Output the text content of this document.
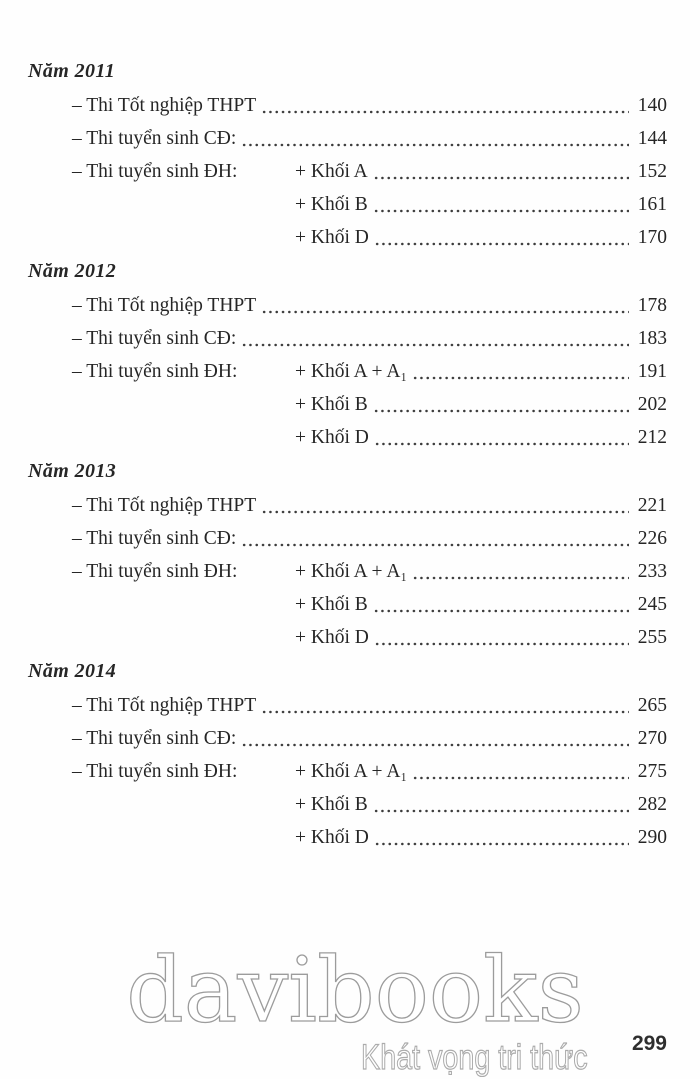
Năm 2011
– Thi Tốt nghiệp THPT	140
– Thi tuyển sinh CĐ:	144
– Thi tuyển sinh ĐH:	+ Khối A	152
+ Khối B	161
+ Khối D	170
Năm 2012
– Thi Tốt nghiệp THPT	178
– Thi tuyển sinh CĐ:	183
– Thi tuyển sinh ĐH:	+ Khối A + A₁	191
+ Khối B	202
+ Khối D	212
Năm 2013
– Thi Tốt nghiệp THPT	221
– Thi tuyển sinh CĐ:	226
– Thi tuyển sinh ĐH:	+ Khối A + A₁	233
+ Khối B	245
+ Khối D	255
Năm 2014
– Thi Tốt nghiệp THPT	265
– Thi tuyển sinh CĐ:	270
– Thi tuyển sinh ĐH:	+ Khối A + A₁	275
+ Khối B	282
+ Khối D	290
davibooks
Khát vọng tri thức	299
